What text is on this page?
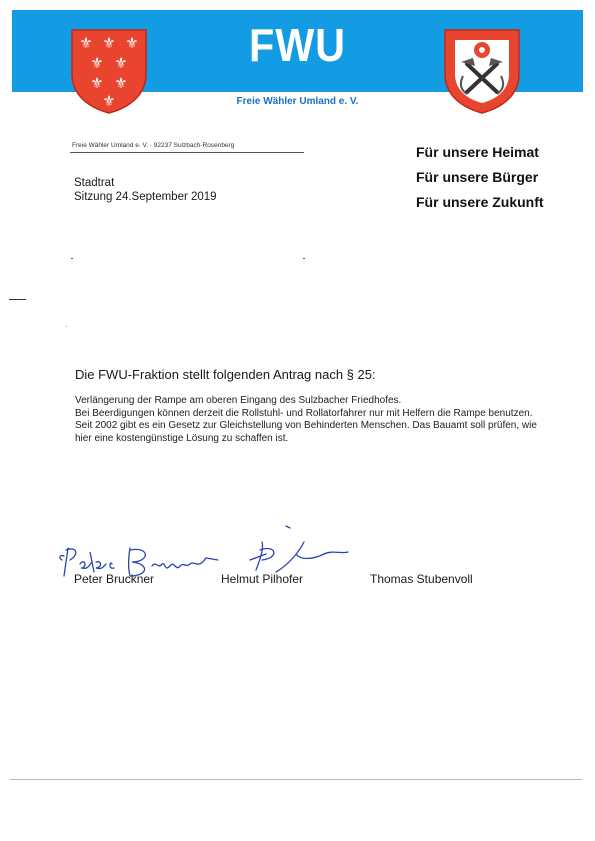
FWU
Freie Wähler Umland e. V.
⚜ ⚜ ⚜
⚜ ⚜
⚜ ⚜
⚜
Freie Wähler Umland e. V. · 92237 Sulzbach-Rosenberg	Für unsere Heimat
Für unsere Bürger
Für unsere Zukunft
Stadtrat
Sitzung 24.September 2019
Die FWU-Fraktion stellt folgenden Antrag nach § 25:

Verlängerung der Rampe am oberen Eingang des Sulzbacher Friedhofes.

Bei Beerdigungen können derzeit die Rollstuhl- und Rollatorfahrer nur mit Helfern die Rampe benutzen.

Seit 2002 gibt es ein Gesetz zur Gleichstellung von Behinderten Menschen. Das Bauamt soll prüfen, wie hier eine kostengünstige Lösung zu schaffen ist.

Peter Bruckner	Helmut Pilhofer	Thomas Stubenvoll
